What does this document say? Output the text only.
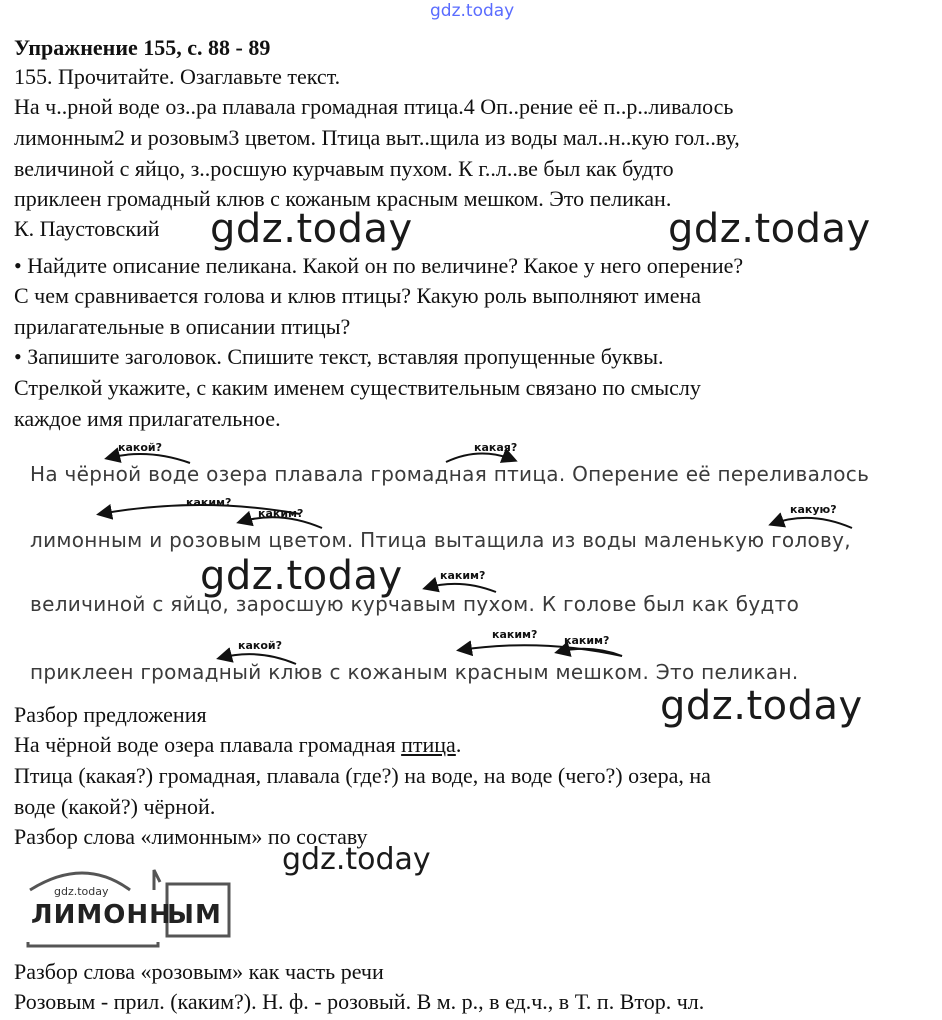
gdz.today
Упражнение 155, с. 88 - 89
155. Прочитайте. Озаглавьте текст.
На ч..рной воде оз..ра плавала громадная птица.4 Оп..рение её п..р..ливалось
лимонным2 и розовым3 цветом. Птица выт..щила из воды мал..н..кую гол..ву,
величиной с яйцо, з..росшую курчавым пухом. К г..л..ве был как будто
приклеен громадный клюв с кожаным красным мешком. Это пеликан.
К. Паустовский gdz.today	gdz.today
• Найдите описание пеликана. Какой он по величине? Какое у него оперение?
С чем сравнивается голова и клюв птицы? Какую роль выполняют имена
прилагательные в описании птицы?
• Запишите заголовок. Спишите текст, вставляя пропущенные буквы.
Стрелкой укажите, с каким именем существительным связано по смыслу
каждое имя прилагательное.
На чёрной воде озера плавала громадная птица. Оперение её переливалось
лимонным и розовым цветом. Птица вытащила из воды маленькую голову,
величиной с яйцо, заросшую курчавым пухом. К голове был как будто
приклеен громадный клюв с кожаным красным мешком. Это пеликан.
какой?	какая?
каким?
каким?	какую?
каким?
какой?
каким? каким?
gdz.today
gdz.today
Разбор предложения
На чёрной воде озера плавала громадная птица.
Птица (какая?) громадная, плавала (где?) на воде, на воде (чего?) озера, на
воде (какой?) чёрной.
Разбор слова «лимонным» по составу
gdz.today
gdz.today
ЛИМОНН
ЫМ
Разбор слова «розовым» как часть речи
Розовым - прил. (каким?). Н. ф. - розовый. В м. р., в ед.ч., в Т. п. Втор. чл.
